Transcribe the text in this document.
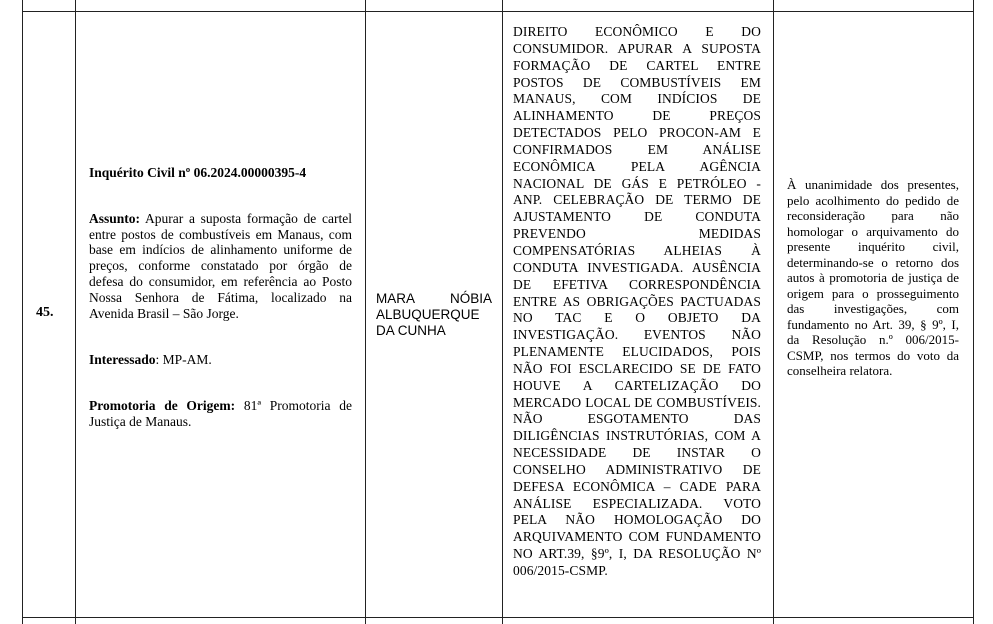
45.

Inquérito Civil nº 06.2024.00000395-4

Assunto: Apurar a suposta formação de cartel entre postos de combustíveis em Manaus, com base em indícios de alinhamento uniforme de preços, conforme constatado por órgão de defesa do consumidor, em referência ao Posto Nossa Senhora de Fátima, localizado na Avenida Brasil – São Jorge.

Interessado: MP-AM.

Promotoria de Origem: 81ª Promotoria de Justiça de Manaus.

MARA NÓBIA ALBUQUERQUE DA CUNHA
DIREITO ECONÔMICO E DO CONSUMIDOR. APURAR A SUPOSTA FORMAÇÃO DE CARTEL ENTRE POSTOS DE COMBUSTÍVEIS EM MANAUS, COM INDÍCIOS DE ALINHAMENTO DE PREÇOS DETECTADOS PELO PROCON-AM E CONFIRMADOS EM ANÁLISE ECONÔMICA PELA AGÊNCIA NACIONAL DE GÁS E PETRÓLEO - ANP. CELEBRAÇÃO DE TERMO DE AJUSTAMENTO DE CONDUTA PREVENDO MEDIDAS COMPENSATÓRIAS ALHEIAS À CONDUTA INVESTIGADA. AUSÊNCIA DE EFETIVA CORRESPONDÊNCIA ENTRE AS OBRIGAÇÕES PACTUADAS NO TAC E O OBJETO DA INVESTIGAÇÃO. EVENTOS NÃO PLENAMENTE ELUCIDADOS, POIS NÃO FOI ESCLARECIDO SE DE FATO HOUVE A CARTELIZAÇÃO DO MERCADO LOCAL DE COMBUSTÍVEIS. NÃO ESGOTAMENTO DAS DILIGÊNCIAS INSTRUTÓRIAS, COM A NECESSIDADE DE INSTAR O CONSELHO ADMINISTRATIVO DE DEFESA ECONÔMICA – CADE PARA ANÁLISE ESPECIALIZADA. VOTO PELA NÃO HOMOLOGAÇÃO DO ARQUIVAMENTO COM FUNDAMENTO NO ART.39, §9º, I, DA RESOLUÇÃO Nº 006/2015-CSMP.
À unanimidade dos presentes, pelo acolhimento do pedido de reconsideração para não homologar o arquivamento do presente inquérito civil, determinando-se o retorno dos autos à promotoria de justiça de origem para o prosseguimento das investigações, com fundamento no Art. 39, § 9º, I, da Resolução n.º 006/2015-CSMP, nos termos do voto da conselheira relatora.
